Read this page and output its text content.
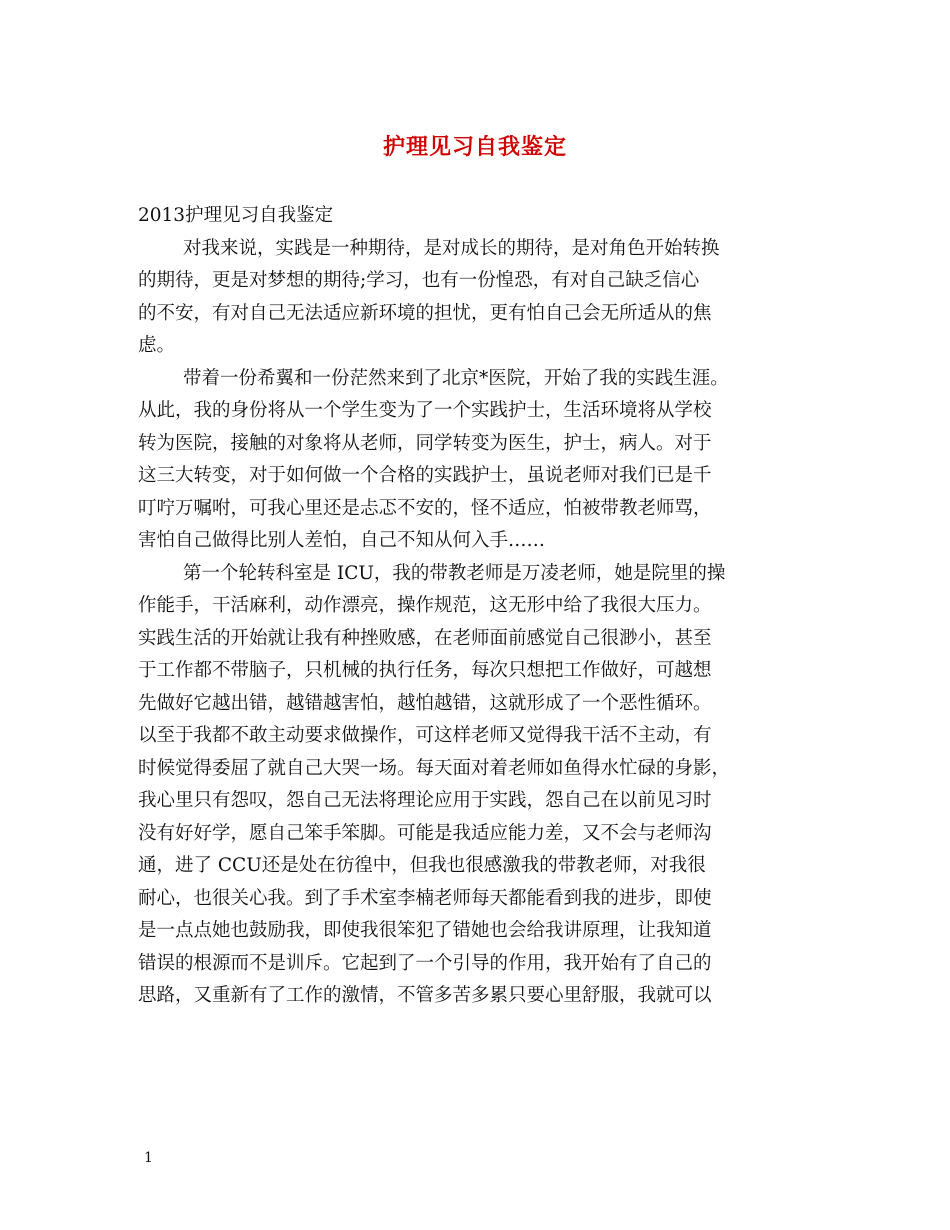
护理见习自我鉴定
2013护理见习自我鉴定
对我来说，实践是一种期待，是对成长的期待，是对角色开始转换
的期待，更是对梦想的期待;学习，也有一份惶恐，有对自己缺乏信心
的不安，有对自己无法适应新环境的担忧，更有怕自己会无所适从的焦
虑。
带着一份希翼和一份茫然来到了北京*医院，开始了我的实践生涯。
从此，我的身份将从一个学生变为了一个实践护士，生活环境将从学校
转为医院，接触的对象将从老师，同学转变为医生，护士，病人。对于
这三大转变，对于如何做一个合格的实践护士，虽说老师对我们已是千
叮咛万嘱咐，可我心里还是忐忑不安的，怪不适应，怕被带教老师骂，
害怕自己做得比别人差怕，自己不知从何入手……
第一个轮转科室是 ICU，我的带教老师是万凌老师，她是院里的操
作能手，干活麻利，动作漂亮，操作规范，这无形中给了我很大压力。
实践生活的开始就让我有种挫败感，在老师面前感觉自己很渺小，甚至
于工作都不带脑子，只机械的执行任务，每次只想把工作做好，可越想
先做好它越出错，越错越害怕，越怕越错，这就形成了一个恶性循环。
以至于我都不敢主动要求做操作，可这样老师又觉得我干活不主动，有
时候觉得委屈了就自己大哭一场。每天面对着老师如鱼得水忙碌的身影，
我心里只有怨叹，怨自己无法将理论应用于实践，怨自己在以前见习时
没有好好学，愿自己笨手笨脚。可能是我适应能力差，又不会与老师沟
通，进了 CCU还是处在彷徨中，但我也很感激我的带教老师，对我很
耐心，也很关心我。到了手术室李楠老师每天都能看到我的进步，即使
是一点点她也鼓励我，即使我很笨犯了错她也会给我讲原理，让我知道
错误的根源而不是训斥。它起到了一个引导的作用，我开始有了自己的
思路，又重新有了工作的激情，不管多苦多累只要心里舒服，我就可以
1
